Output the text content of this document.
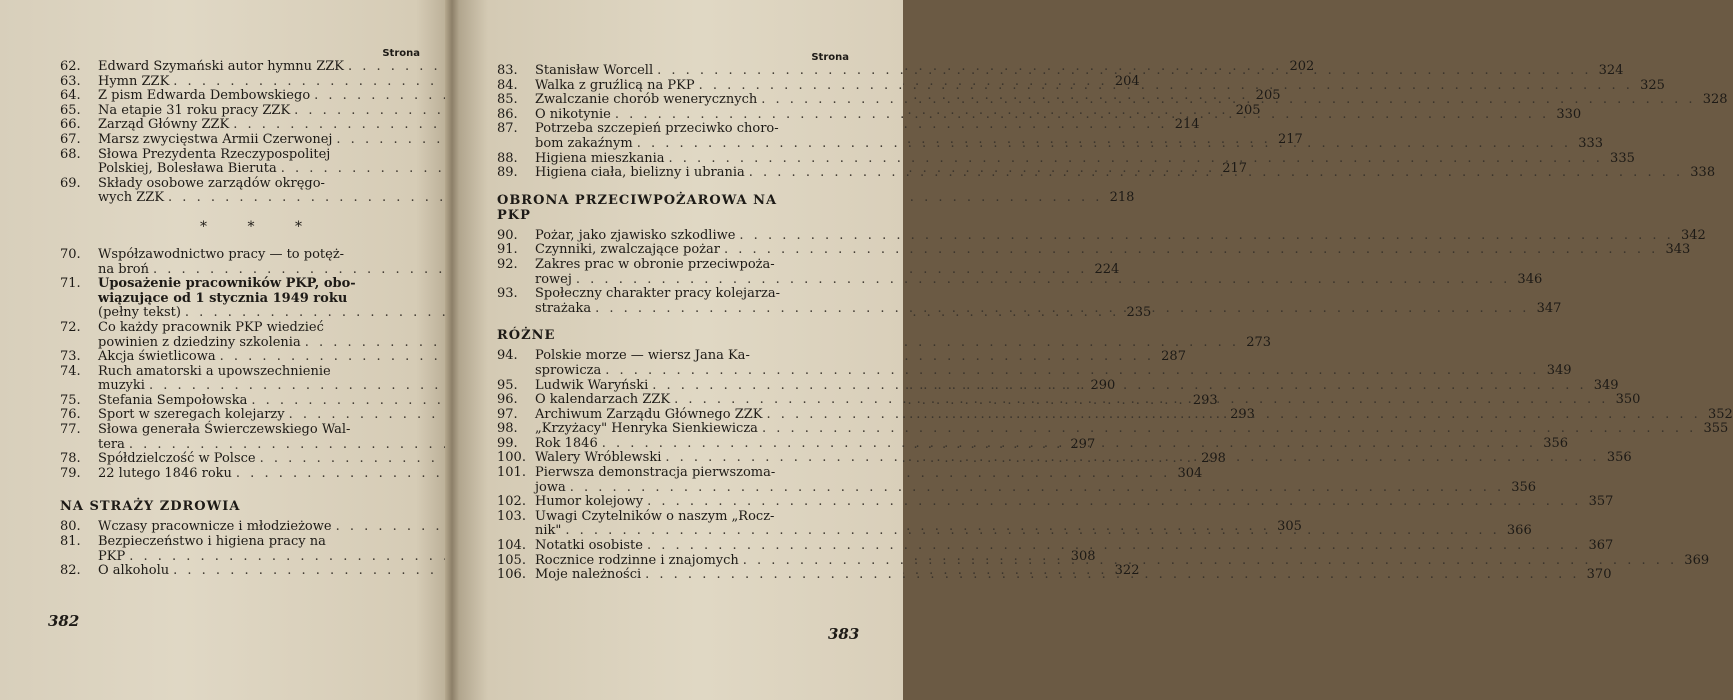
Strona
62.	Edward Szymański autor hymnu ZZK . . .	202
63.	Hymn ZZK . . .	204
64.	Z pism Edwarda Dembowskiego . . .	205
65.	Na etapie 31 roku pracy ZZK . . .	205
66.	Zarząd Główny ZZK . . .	214
67.	Marsz zwycięstwa Armii Czerwonej . . .	217
68.	Słowa Prezydenta Rzeczypospolitej
Polskiej, Bolesława Bieruta . . .	217
69.	Składy osobowe zarządów okręgo-
wych ZZK . . .	218
* * *
70.	Współzawodnictwo pracy — to potęż-
na broń . . .	224
71.	Uposażenie pracowników PKP, obo-
wiązujące od 1 stycznia 1949 roku
(pełny tekst) . . .	235
72.	Co każdy pracownik PKP wiedzieć
powinien z dziedziny szkolenia . . .	273
73.	Akcja świetlicowa . . .	287
74.	Ruch amatorski a upowszechnienie
muzyki . . .	290
75.	Stefania Sempołowska . . .	293
76.	Sport w szeregach kolejarzy . . .	293
77.	Słowa generała Świerczewskiego Wal-
tera . . .	297
78.	Spółdzielczość w Polsce . . .	298
79.	22 lutego 1846 roku . . .	304
NA STRAŻY ZDROWIA
80.	Wczasy pracownicze i młodzieżowe . . .	305
81.	Bezpieczeństwo i higiena pracy na
PKP . . .	308
82.	O alkoholu . . .	322
382
Strona
83.	Stanisław Worcell . . .	324
84.	Walka z gruźlicą na PKP . . .	325
85.	Zwalczanie chorób wenerycznych . . .	328
86.	O nikotynie . . .	330
87.	Potrzeba szczepień przeciwko choro-
bom zakaźnym . . .	333
88.	Higiena mieszkania . . .	335
89.	Higiena ciała, bielizny i ubrania . . .	338
OBRONA PRZECIWPOŻAROWA NA PKP
90.	Pożar, jako zjawisko szkodliwe . . .	342
91.	Czynniki, zwalczające pożar . . .	343
92.	Zakres prac w obronie przeciwpoża-
rowej . . .	346
93.	Społeczny charakter pracy kolejarza-
strażaka . . .	347
RÓŻNE
94.	Polskie morze — wiersz Jana Ka-
sprowicza . . .	349
95.	Ludwik Waryński . . .	349
96.	O kalendarzach ZZK . . .	350
97.	Archiwum Zarządu Głównego ZZK . . .	352
98.	„Krzyżacy" Henryka Sienkiewicza . . .	355
99.	Rok 1846 . . .	356
100. Walery Wróblewski . . .	356
101. Pierwsza demonstracja pierwszoma-
jowa . . .	356
102. Humor kolejowy . . .	357
103. Uwagi Czytelników o naszym „Rocz-
nik" . . .	366
104. Notatki osobiste . . .	367
105. Rocznice rodzinne i znajomych . . .	369
106. Moje należności . . .	370
383
